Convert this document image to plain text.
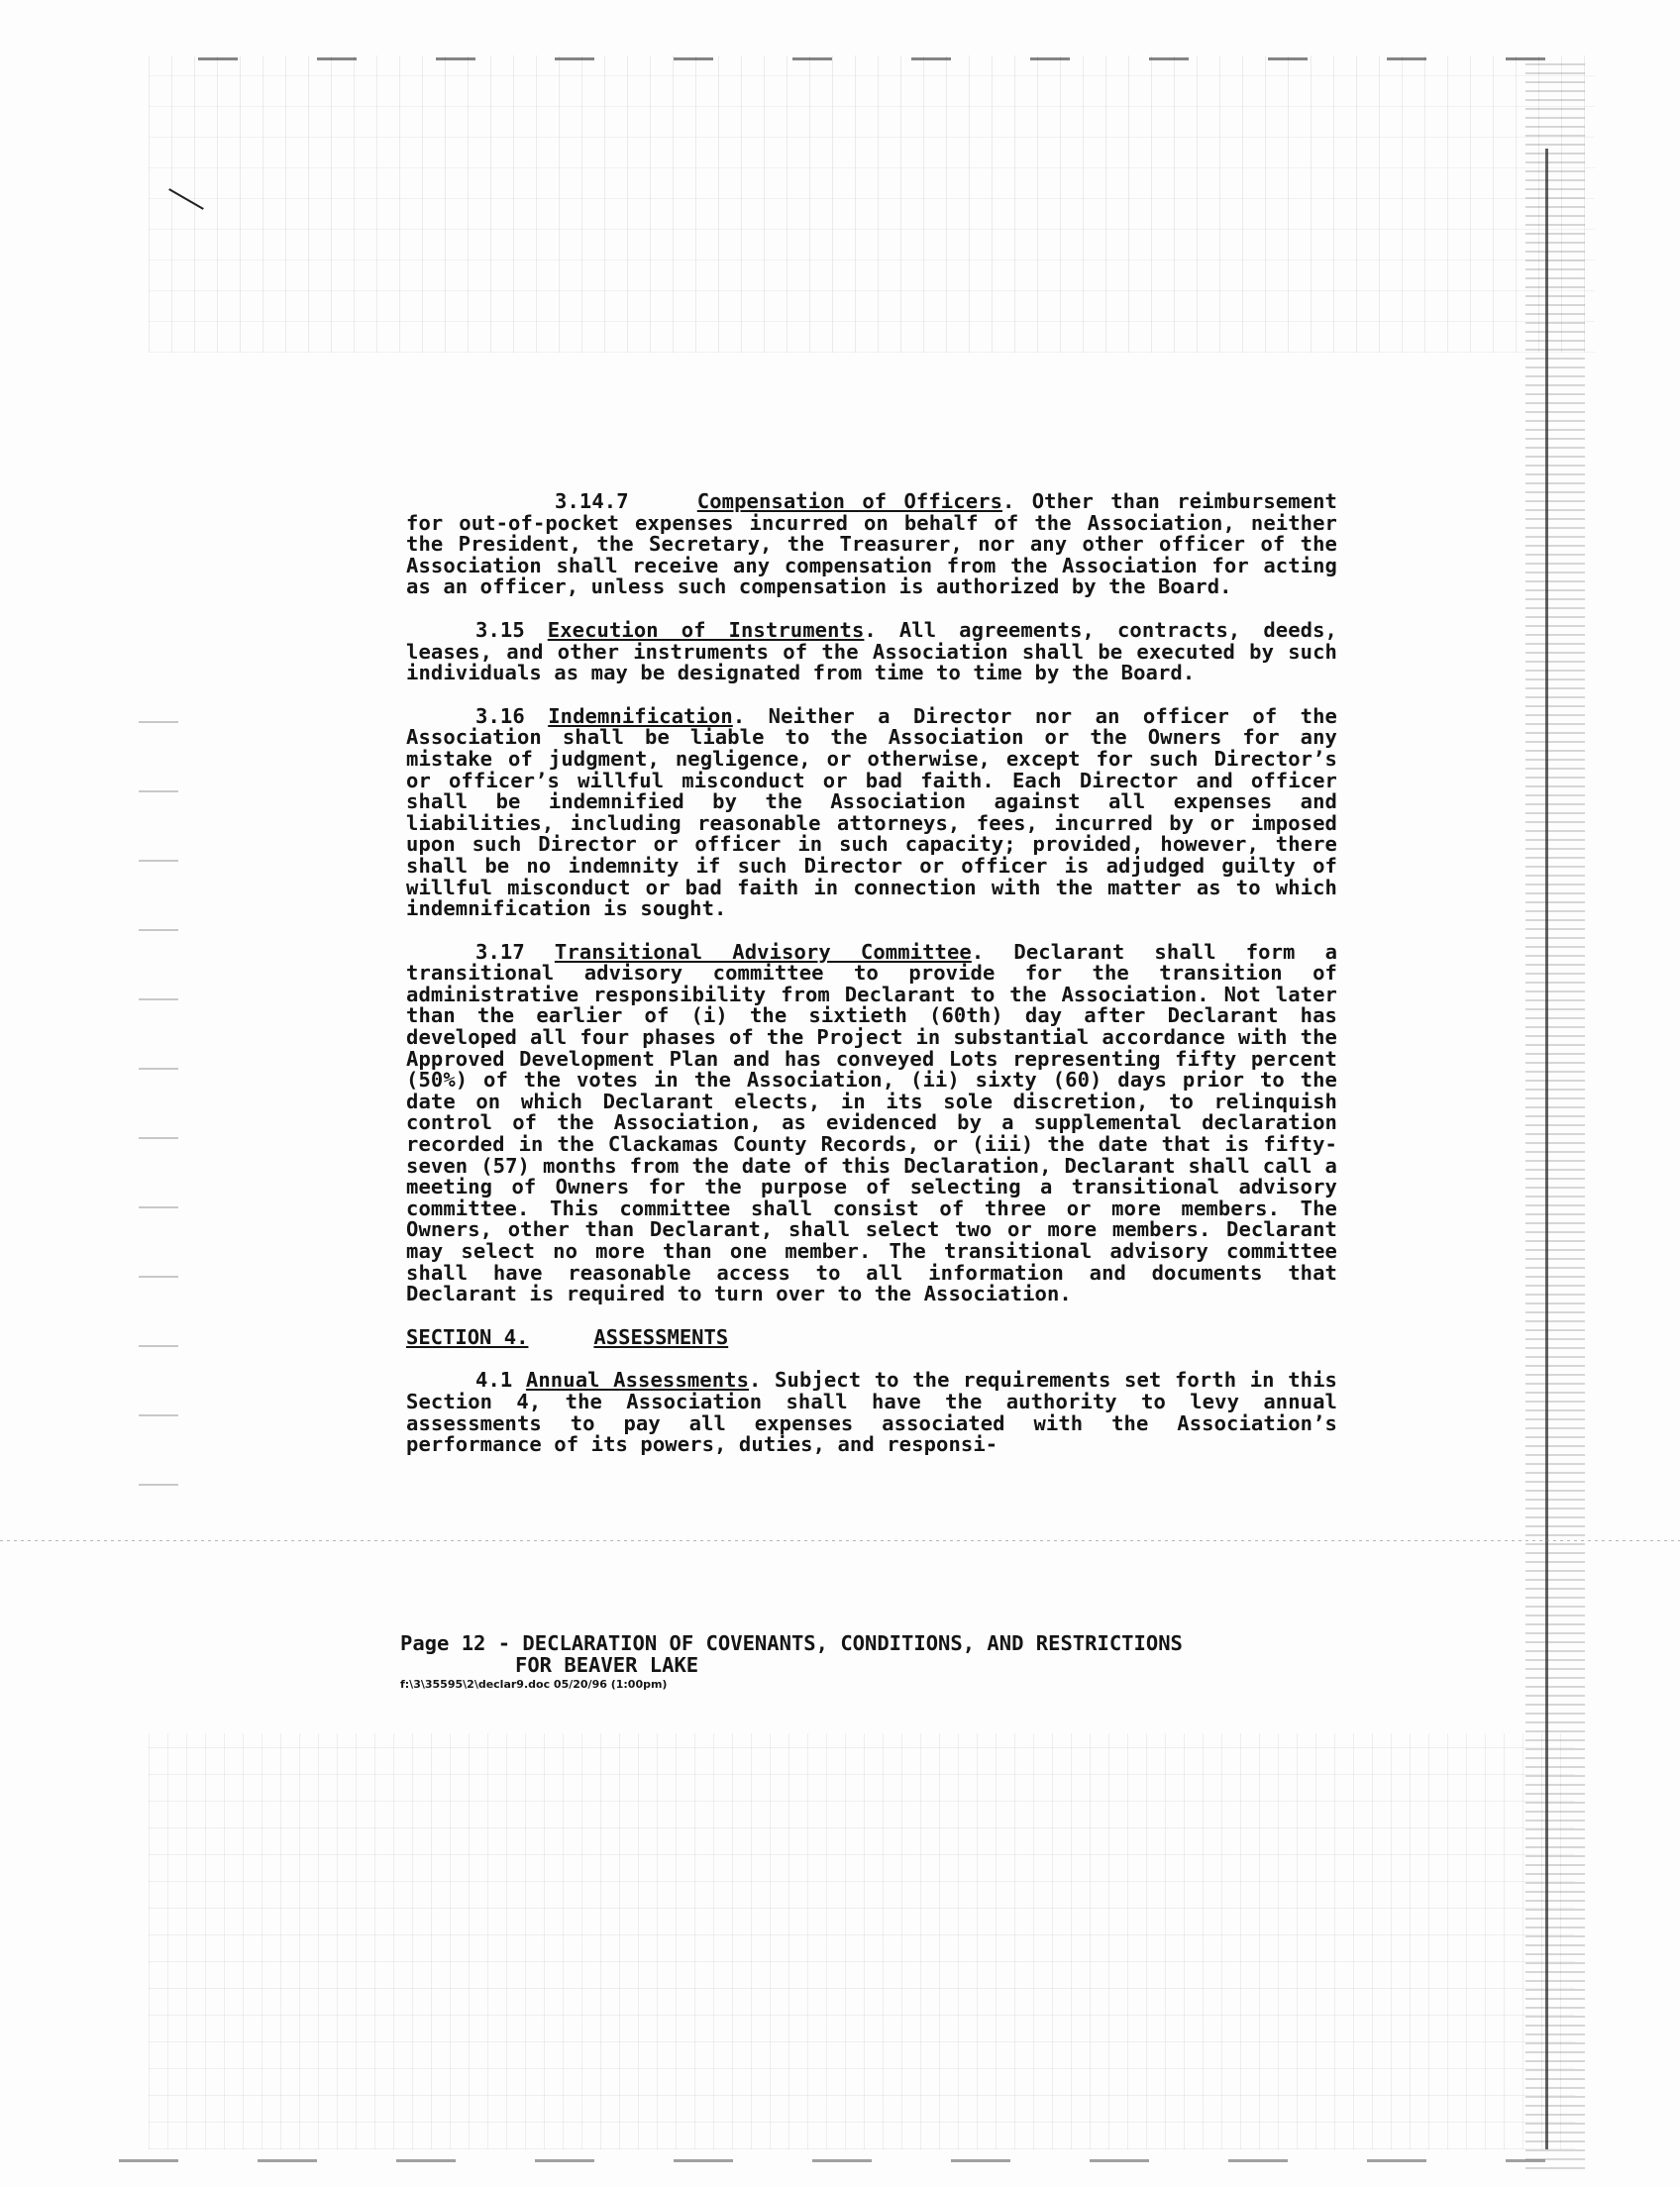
3.14.7	Compensation of Officers. Other than reimbursement for out-of-pocket expenses incurred on behalf of the Association, neither the President, the Secretary, the Treasurer, nor any other officer of the Association shall receive any compensation from the Association for acting as an officer, unless such compensation is authorized by the Board.

3.15 Execution of Instruments. All agreements, contracts, deeds, leases, and other instruments of the Association shall be executed by such individuals as may be designated from time to time by the Board.

3.16 Indemnification. Neither a Director nor an officer of the Association shall be liable to the Association or the Owners for any mistake of judgment, negligence, or otherwise, except for such Director’s or officer’s willful misconduct or bad faith. Each Director and officer shall be indemnified by the Association against all expenses and liabilities, including reasonable attorneys, fees, incurred by or imposed upon such Director or officer in such capacity; provided, however, there shall be no indemnity if such Director or officer is adjudged guilty of willful misconduct or bad faith in connection with the matter as to which indemnification is sought.

3.17 Transitional Advisory Committee. Declarant shall form a transitional advisory committee to provide for the transition of administrative responsibility from Declarant to the Association. Not later than the earlier of (i) the sixtieth (60th) day after Declarant has developed all four phases of the Project in substantial accordance with the Approved Development Plan and has conveyed Lots representing fifty percent (50%) of the votes in the Association, (ii) sixty (60) days prior to the date on which Declarant elects, in its sole discretion, to relinquish control of the Association, as evidenced by a supplemental declaration recorded in the Clackamas County Records, or (iii) the date that is fifty-seven (57) months from the date of this Declaration, Declarant shall call a meeting of Owners for the purpose of selecting a transitional advisory committee. This committee shall consist of three or more members. The Owners, other than Declarant, shall select two or more members. Declarant may select no more than one member. The transitional advisory committee shall have reasonable access to all information and documents that Declarant is required to turn over to the Association.

SECTION 4.	ASSESSMENTS

4.1 Annual Assessments. Subject to the requirements set forth in this Section 4, the Association shall have the authority to levy annual assessments to pay all expenses associated with the Association’s performance of its powers, duties, and responsi-

Page 12 - DECLARATION OF COVENANTS, CONDITIONS, AND RESTRICTIONS
FOR BEAVER LAKE
f:\3\35595\2\declar9.doc 05/20/96 (1:00pm)
